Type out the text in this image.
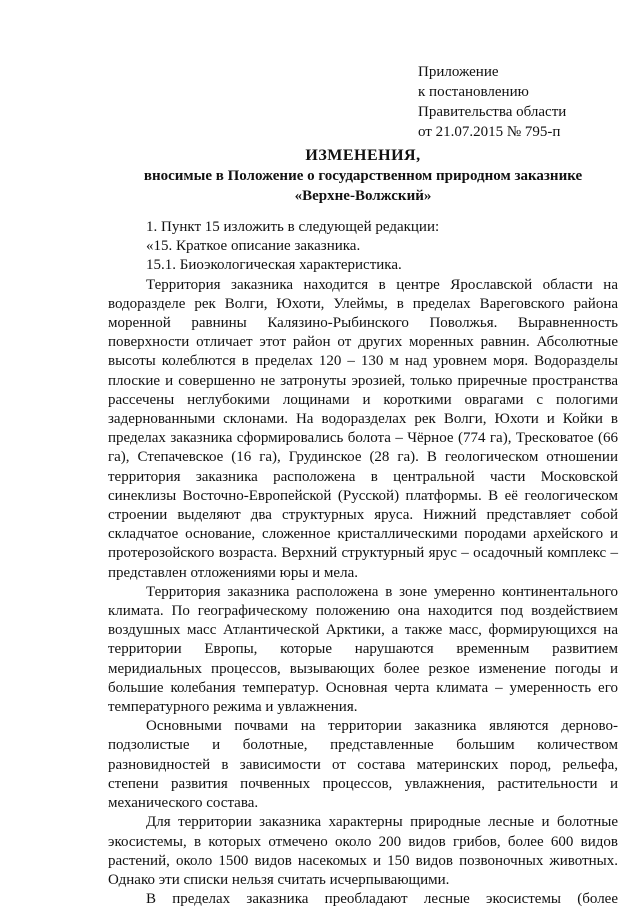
Приложение
к постановлению
Правительства области
от 21.07.2015 № 795-п
ИЗМЕНЕНИЯ,
вносимые в Положение о государственном природном заказнике
«Верхне-Волжский»

1. Пункт 15 изложить в следующей редакции:

«15. Краткое описание заказника.

15.1. Биоэкологическая характеристика.

Территория заказника находится в центре Ярославской области на водоразделе рек Волги, Юхоти, Улеймы, в пределах Вареговского района моренной равнины Калязино-Рыбинского Поволжья. Выравненность поверхности отличает этот район от других моренных равнин. Абсолютные высоты колеблются в пределах 120 – 130 м над уровнем моря. Водоразделы плоские и совершенно не затронуты эрозией, только приречные пространства рассечены неглубокими лощинами и короткими оврагами с пологими задернованными склонами. На водоразделах рек Волги, Юхоти и Койки в пределах заказника сформировались болота – Чёрное (774 га), Тресковатое (66 га), Степачевское (16 га), Грудинское (28 га). В геологическом отношении территория заказника расположена в центральной части Московской синеклизы Восточно-Европейской (Русской) платформы. В её геологическом строении выделяют два структурных яруса. Нижний представляет собой складчатое основание, сложенное кристаллическими породами архейского и протерозойского возраста. Верхний структурный ярус – осадочный комплекс – представлен отложениями юры и мела.

Территория заказника расположена в зоне умеренно континентального климата. По географическому положению она находится под воздействием воздушных масс Атлантической Арктики, а также масс, формирующихся на территории Европы, которые нарушаются временным развитием меридиальных процессов, вызывающих более резкое изменение погоды и большие колебания температур. Основная черта климата – умеренность его температурного режима и увлажнения.

Основными почвами на территории заказника являются дерново-подзолистые и болотные, представленные большим количеством разновидностей в зависимости от состава материнских пород, рельефа, степени развития почвенных процессов, увлажнения, растительности и механического состава.

Для территории заказника характерны природные лесные и болотные экосистемы, в которых отмечено около 200 видов грибов, более 600 видов растений, около 1500 видов насекомых и 150 видов позвоночных животных. Однако эти списки нельзя считать исчерпывающими.

В пределах заказника преобладают лесные экосистемы (более
